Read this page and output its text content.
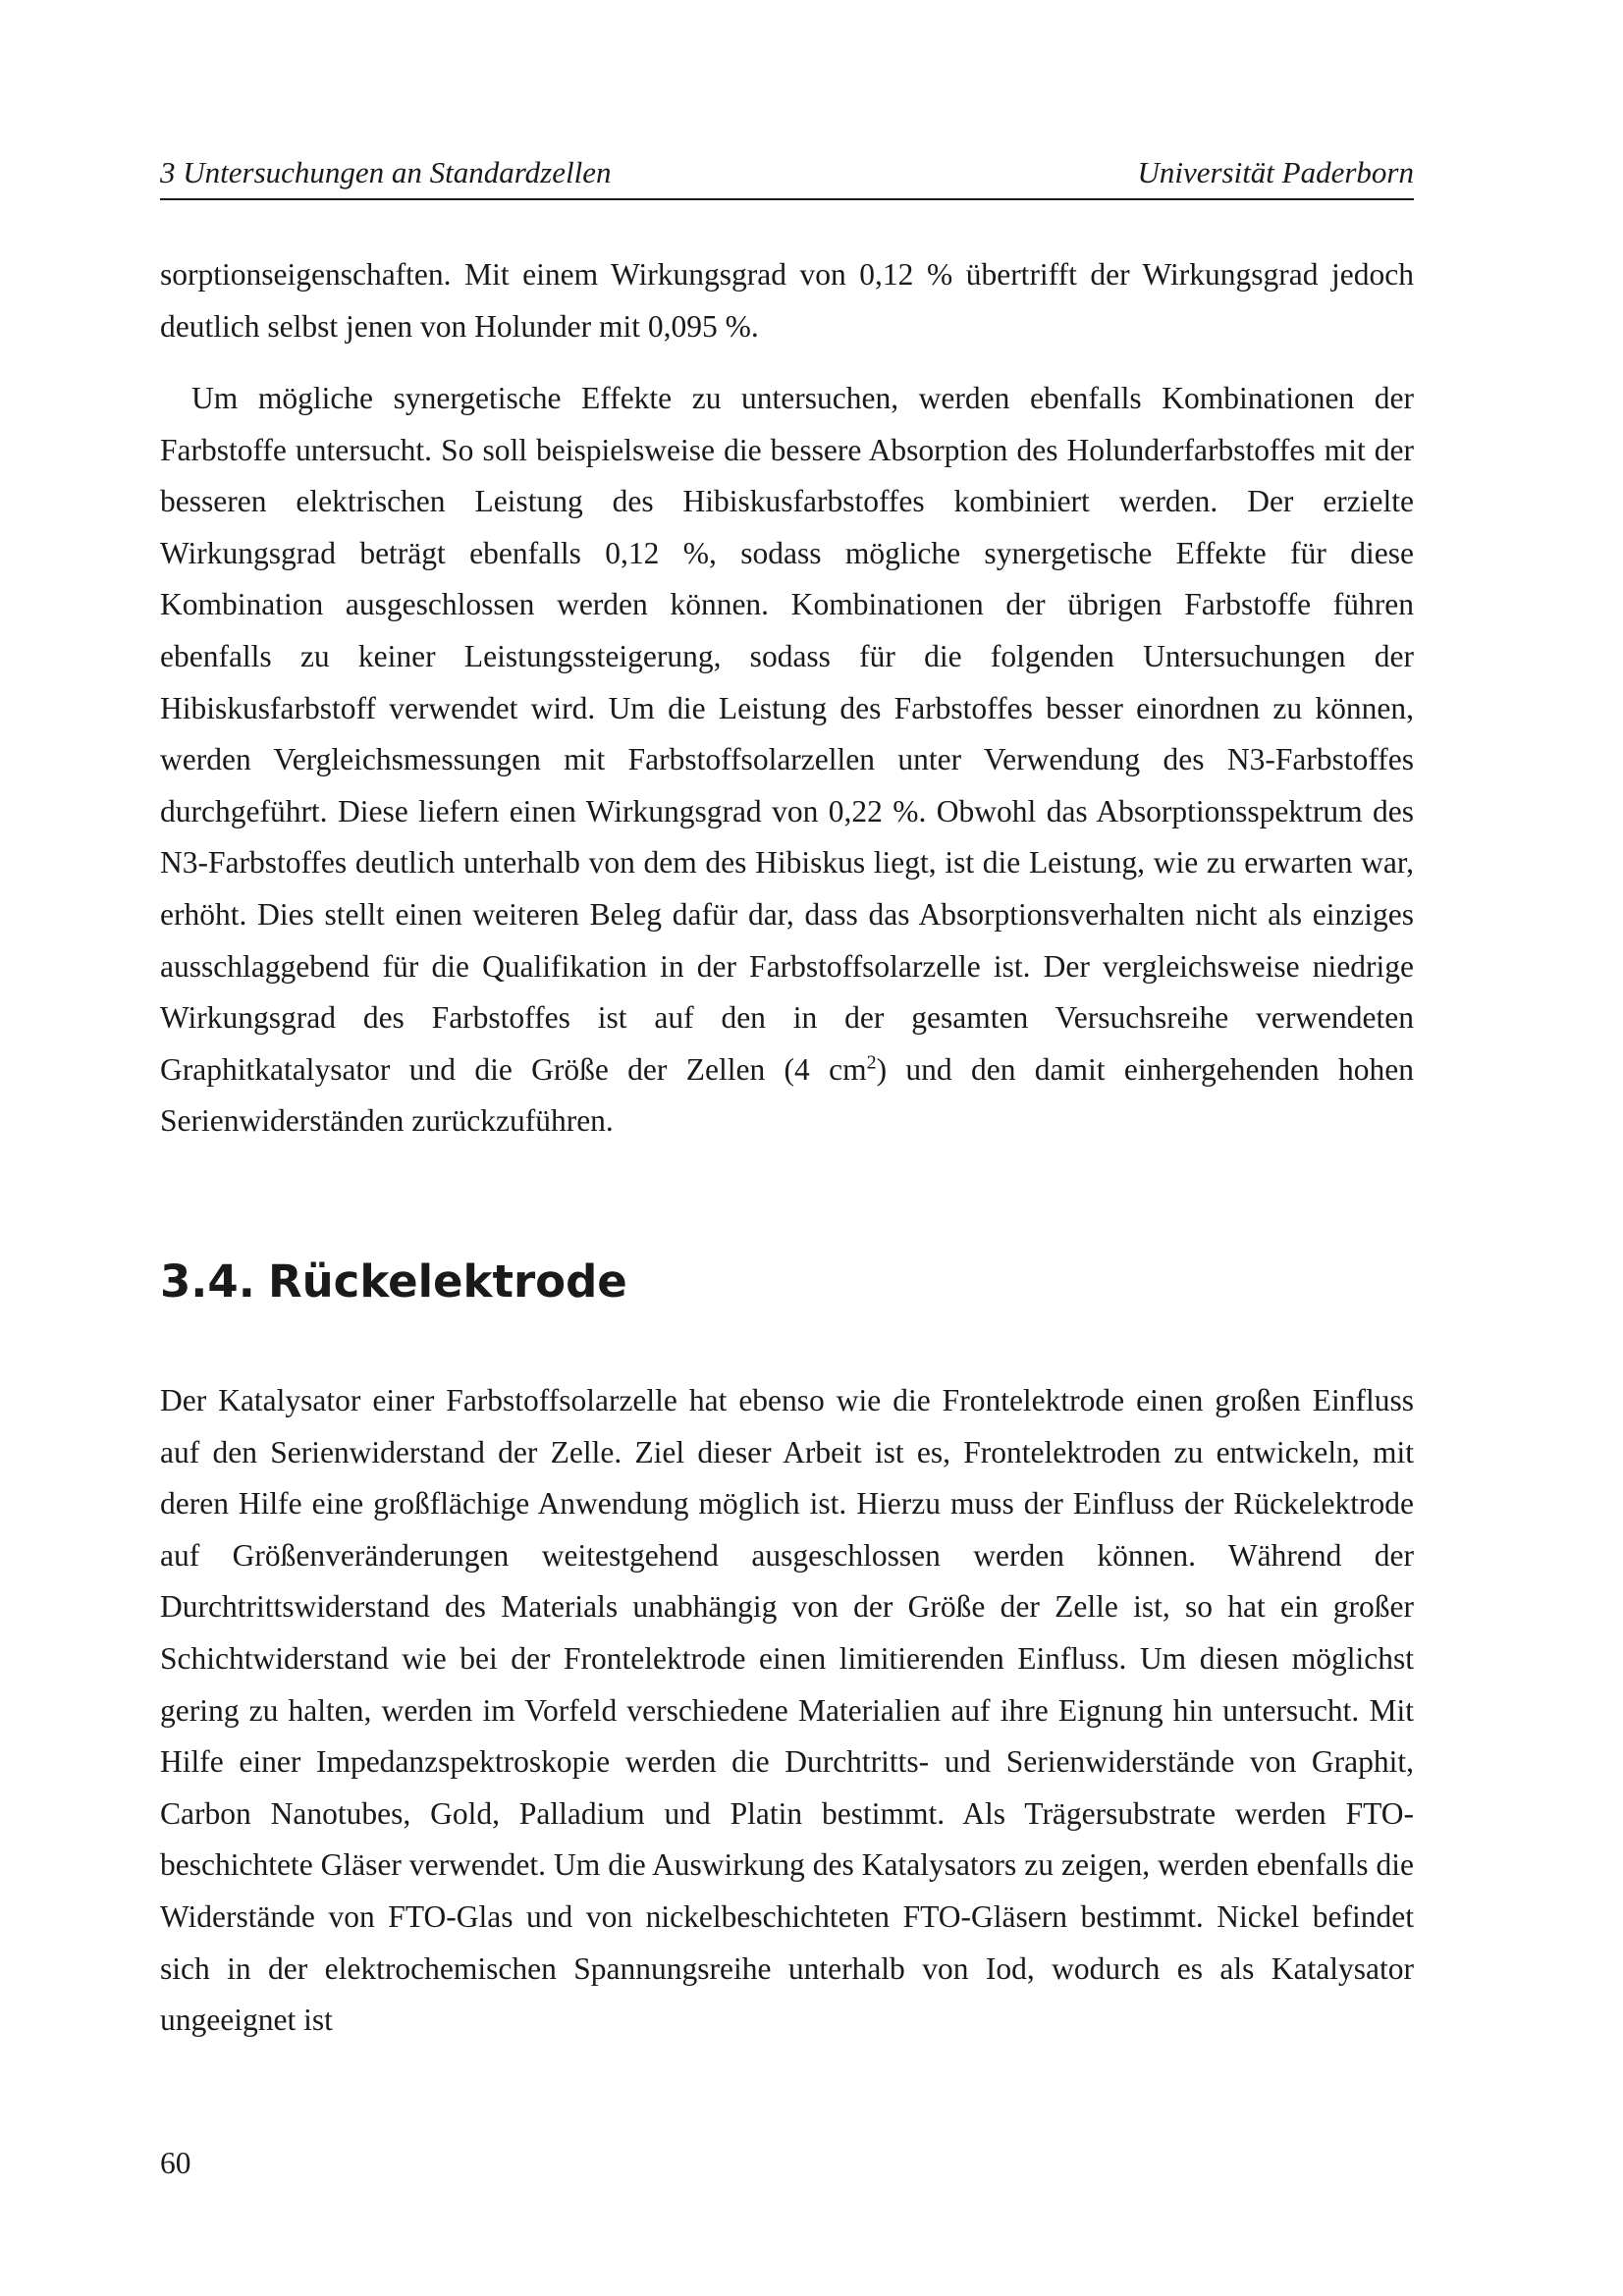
3 Untersuchungen an Standardzellen	Universität Paderborn

sorptionseigenschaften. Mit einem Wirkungsgrad von 0,12 % übertrifft der Wirkungsgrad jedoch deutlich selbst jenen von Holunder mit 0,095 %.

Um mögliche synergetische Effekte zu untersuchen, werden ebenfalls Kombinationen der Farbstoffe untersucht. So soll beispielsweise die bessere Absorption des Holunderfarbstoffes mit der besseren elektrischen Leistung des Hibiskusfarbstoffes kombiniert werden. Der erzielte Wirkungsgrad beträgt ebenfalls 0,12 %, sodass mögliche synergetische Effekte für diese Kombination ausgeschlossen werden können. Kombinationen der übrigen Farbstoffe führen ebenfalls zu keiner Leistungssteigerung, sodass für die folgenden Untersuchungen der Hibiskusfarbstoff verwendet wird. Um die Leistung des Farbstoffes besser einordnen zu können, werden Vergleichsmessungen mit Farbstoffsolarzellen unter Verwendung des N3-Farbstoffes durchgeführt. Diese liefern einen Wirkungsgrad von 0,22 %. Obwohl das Absorptionsspektrum des N3-Farbstoffes deutlich unterhalb von dem des Hibiskus liegt, ist die Leistung, wie zu erwarten war, erhöht. Dies stellt einen weiteren Beleg dafür dar, dass das Absorptionsverhalten nicht als einziges ausschlaggebend für die Qualifikation in der Farbstoffsolarzelle ist. Der vergleichsweise niedrige Wirkungsgrad des Farbstoffes ist auf den in der gesamten Versuchsreihe verwendeten Graphitkatalysator und die Größe der Zellen (4 $cm^2$) und den damit einhergehenden hohen Serienwiderständen zurückzuführen.

3.4. Rückelektrode

Der Katalysator einer Farbstoffsolarzelle hat ebenso wie die Frontelektrode einen großen Einfluss auf den Serienwiderstand der Zelle. Ziel dieser Arbeit ist es, Frontelektroden zu entwickeln, mit deren Hilfe eine großflächige Anwendung möglich ist. Hierzu muss der Einfluss der Rückelektrode auf Größenveränderungen weitestgehend ausgeschlossen werden können. Während der Durchtrittswiderstand des Materials unabhängig von der Größe der Zelle ist, so hat ein großer Schichtwiderstand wie bei der Frontelektrode einen limitierenden Einfluss. Um diesen möglichst gering zu halten, werden im Vorfeld verschiedene Materialien auf ihre Eignung hin untersucht. Mit Hilfe einer Impedanzspektroskopie werden die Durchtritts- und Serienwiderstände von Graphit, Carbon Nanotubes, Gold, Palladium und Platin bestimmt. Als Trägersubstrate werden FTO-beschichtete Gläser verwendet. Um die Auswirkung des Katalysators zu zeigen, werden ebenfalls die Widerstände von FTO-Glas und von nickelbeschichteten FTO-Gläsern bestimmt. Nickel befindet sich in der elektrochemischen Spannungsreihe unterhalb von Iod, wodurch es als Katalysator ungeeignet ist

60
